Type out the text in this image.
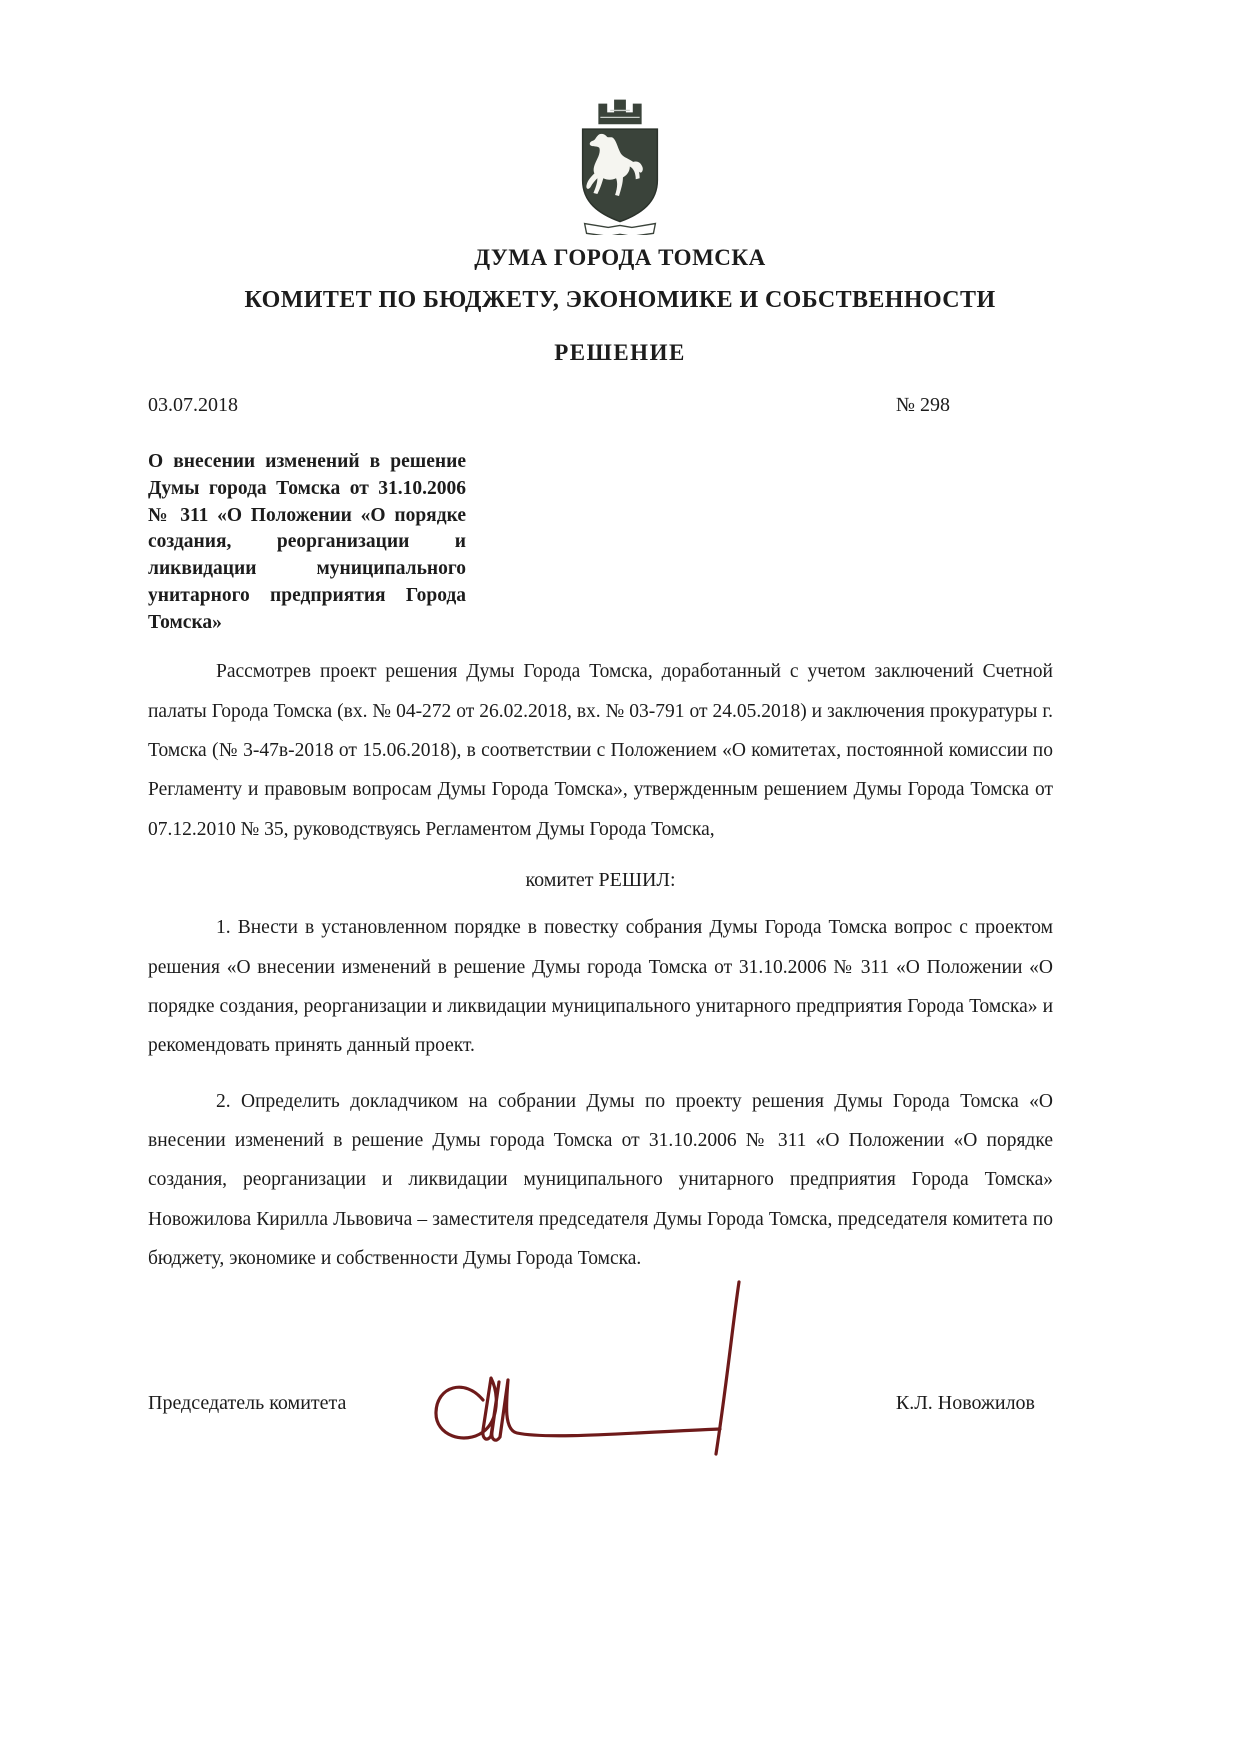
ДУМА ГОРОДА ТОМСКА
КОМИТЕТ ПО БЮДЖЕТУ, ЭКОНОМИКЕ И СОБСТВЕННОСТИ
РЕШЕНИЕ
03.07.2018	№ 298
О внесении изменений в решение Думы города Томска от 31.10.2006 № 311 «О Положении «О порядке создания, реорганизации и ликвидации муниципального унитарного предприятия Города Томска»
Рассмотрев проект решения Думы Города Томска, доработанный с учетом заключений Счетной палаты Города Томска (вх. № 04-272 от 26.02.2018, вх. № 03-791 от 24.05.2018) и заключения прокуратуры г. Томска (№ 3-47в-2018 от 15.06.2018), в соответствии с Положением «О комитетах, постоянной комиссии по Регламенту и правовым вопросам Думы Города Томска», утвержденным решением Думы Города Томска от 07.12.2010 № 35, руководствуясь Регламентом Думы Города Томска,
комитет РЕШИЛ:
1. Внести в установленном порядке в повестку собрания Думы Города Томска вопрос с проектом решения «О внесении изменений в решение Думы города Томска от 31.10.2006 № 311 «О Положении «О порядке создания, реорганизации и ликвидации муниципального унитарного предприятия Города Томска» и рекомендовать принять данный проект.
2. Определить докладчиком на собрании Думы по проекту решения Думы Города Томска «О внесении изменений в решение Думы города Томска от 31.10.2006 № 311 «О Положении «О порядке создания, реорганизации и ликвидации муниципального унитарного предприятия Города Томска» Новожилова Кирилла Львовича – заместителя председателя Думы Города Томска, председателя комитета по бюджету, экономике и собственности Думы Города Томска.
Председатель комитета	К.Л. Новожилов
